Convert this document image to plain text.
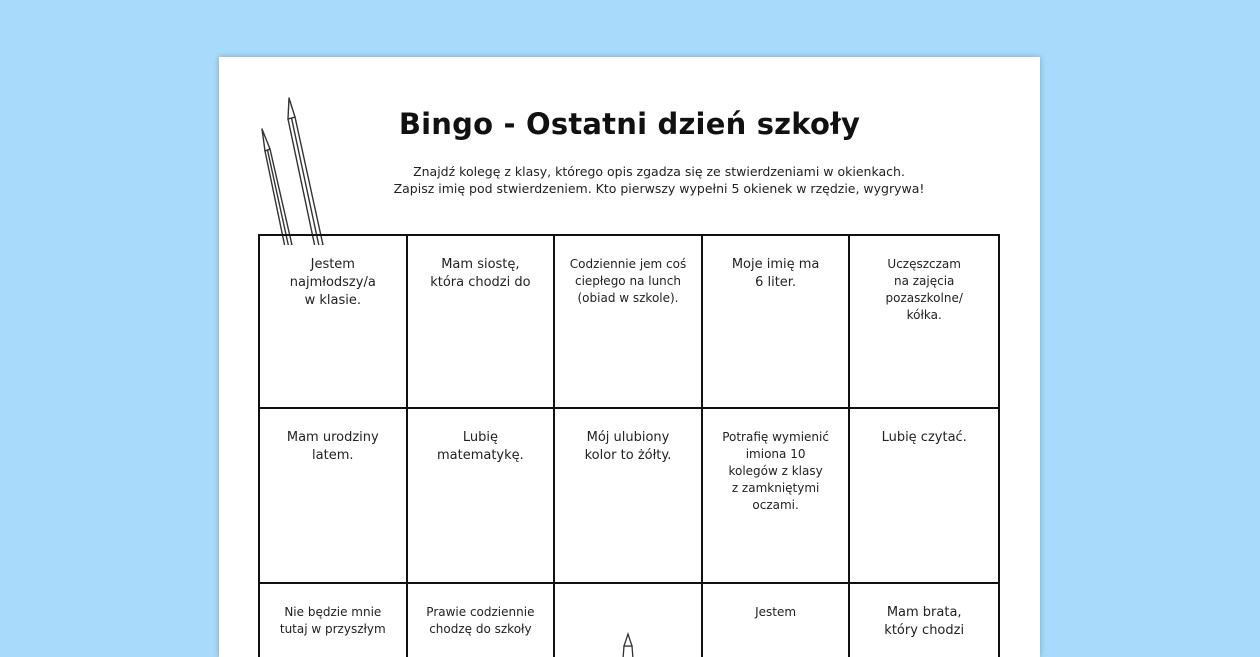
Bingo - Ostatni dzień szkoły
Znajdź kolegę z klasy, którego opis zgadza się ze stwierdzeniami w okienkach.
Zapisz imię pod stwierdzeniem. Kto pierwszy wypełni 5 okienek w rzędzie, wygrywa!
Jestem
najmłodszy/a
w klasie.
Mam siostę,
która chodzi do
Codziennie jem coś
ciepłego na lunch
(obiad w szkole).
Moje imię ma
6 liter.
Uczęszczam
na zajęcia
pozaszkolne/
kółka.
Mam urodziny
latem.
Lubię
matematykę.
Mój ulubiony
kolor to żółty.
Potrafię wymienić
imiona 10
kolegów z klasy
z zamkniętymi
oczami.
Lubię czytać.
Nie będzie mnie
tutaj w przyszłym
Prawie codziennie
chodzę do szkoły

Jestem	Mam brata,
który chodzi
